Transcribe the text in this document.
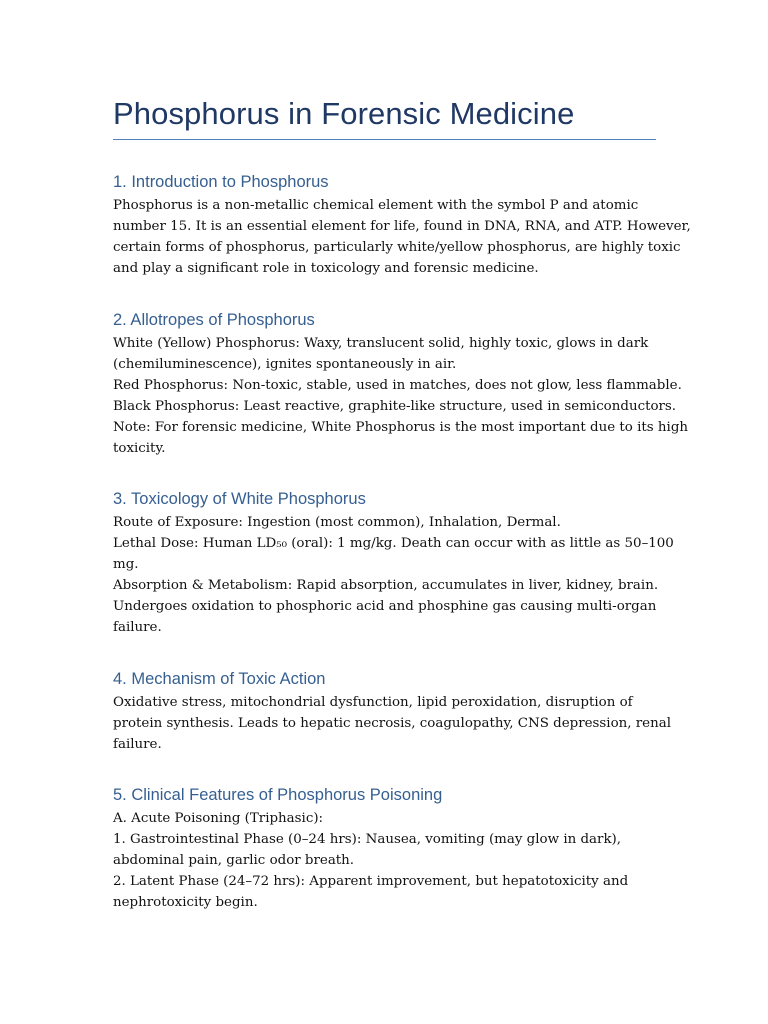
Phosphorus in Forensic Medicine
1. Introduction to Phosphorus
Phosphorus is a non-metallic chemical element with the symbol P and atomic
number 15. It is an essential element for life, found in DNA, RNA, and ATP. However,
certain forms of phosphorus, particularly white/yellow phosphorus, are highly toxic
and play a significant role in toxicology and forensic medicine.
2. Allotropes of Phosphorus
White (Yellow) Phosphorus: Waxy, translucent solid, highly toxic, glows in dark
(chemiluminescence), ignites spontaneously in air.
Red Phosphorus: Non-toxic, stable, used in matches, does not glow, less flammable.
Black Phosphorus: Least reactive, graphite-like structure, used in semiconductors.
Note: For forensic medicine, White Phosphorus is the most important due to its high
toxicity.
3. Toxicology of White Phosphorus
Route of Exposure: Ingestion (most common), Inhalation, Dermal.
Lethal Dose: Human LD₅₀ (oral): 1 mg/kg. Death can occur with as little as 50–100
mg.
Absorption & Metabolism: Rapid absorption, accumulates in liver, kidney, brain.
Undergoes oxidation to phosphoric acid and phosphine gas causing multi-organ
failure.
4. Mechanism of Toxic Action
Oxidative stress, mitochondrial dysfunction, lipid peroxidation, disruption of
protein synthesis. Leads to hepatic necrosis, coagulopathy, CNS depression, renal
failure.
5. Clinical Features of Phosphorus Poisoning
A. Acute Poisoning (Triphasic):
1. Gastrointestinal Phase (0–24 hrs): Nausea, vomiting (may glow in dark),
abdominal pain, garlic odor breath.
2. Latent Phase (24–72 hrs): Apparent improvement, but hepatotoxicity and
nephrotoxicity begin.
